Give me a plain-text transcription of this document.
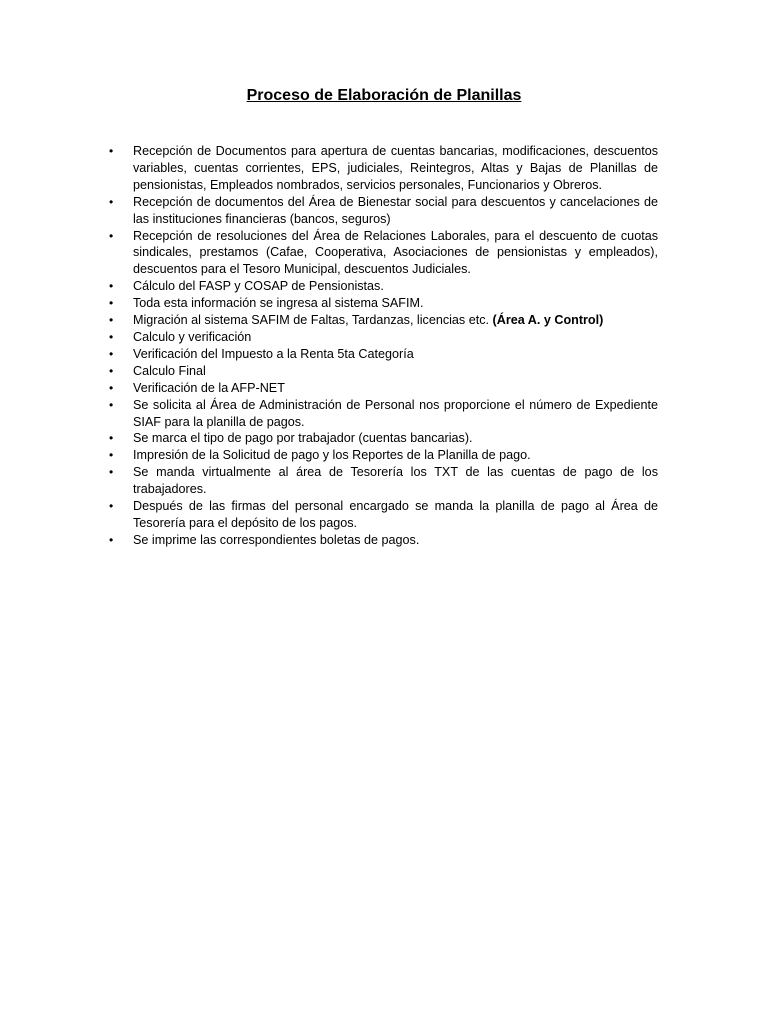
Proceso de Elaboración de Planillas
• Recepción de Documentos para apertura de cuentas bancarias, modificaciones, descuentos variables, cuentas corrientes, EPS, judiciales, Reintegros, Altas y Bajas de Planillas de pensionistas, Empleados nombrados, servicios personales, Funcionarios y Obreros.
• Recepción de documentos del Área de Bienestar social para descuentos y cancelaciones de las instituciones financieras (bancos, seguros)
• Recepción de resoluciones del Área de Relaciones Laborales, para el descuento de cuotas sindicales, prestamos (Cafae, Cooperativa, Asociaciones de pensionistas y empleados), descuentos para el Tesoro Municipal, descuentos Judiciales.
• Cálculo del FASP y COSAP de Pensionistas.
• Toda esta información se ingresa al sistema SAFIM.
• Migración al sistema SAFIM de Faltas, Tardanzas, licencias etc. (Área A. y Control)
• Calculo y verificación
• Verificación del Impuesto a la Renta 5ta Categoría
• Calculo Final
• Verificación de la AFP-NET
• Se solicita al Área de Administración de Personal nos proporcione el número de Expediente SIAF para la planilla de pagos.
• Se marca el tipo de pago por trabajador (cuentas bancarias).
• Impresión de la Solicitud de pago y los Reportes de la Planilla de pago.
• Se manda virtualmente al área de Tesorería los TXT de las cuentas de pago de los trabajadores.
• Después de las firmas del personal encargado se manda la planilla de pago al Área de Tesorería para el depósito de los pagos.
• Se imprime las correspondientes boletas de pagos.
